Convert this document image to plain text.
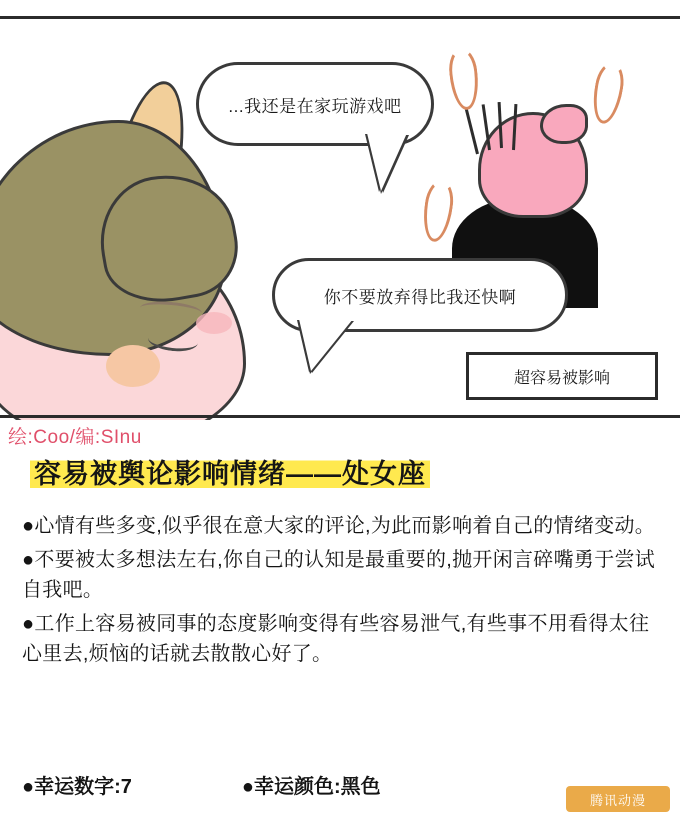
...我还是在家玩游戏吧
你不要放弃得比我还快啊
超容易被影响
绘:Coo/编:SInu
容易被舆论影响情绪——处女座
●心情有些多变,似乎很在意大家的评论,为此而影响着自己的情绪变动。
●不要被太多想法左右,你自己的认知是最重要的,抛开闲言碎嘴勇于尝试自我吧。
●工作上容易被同事的态度影响变得有些容易泄气,有些事不用看得太往心里去,烦恼的话就去散散心好了。
●幸运数字:7	●幸运颜色:黑色
腾讯动漫
